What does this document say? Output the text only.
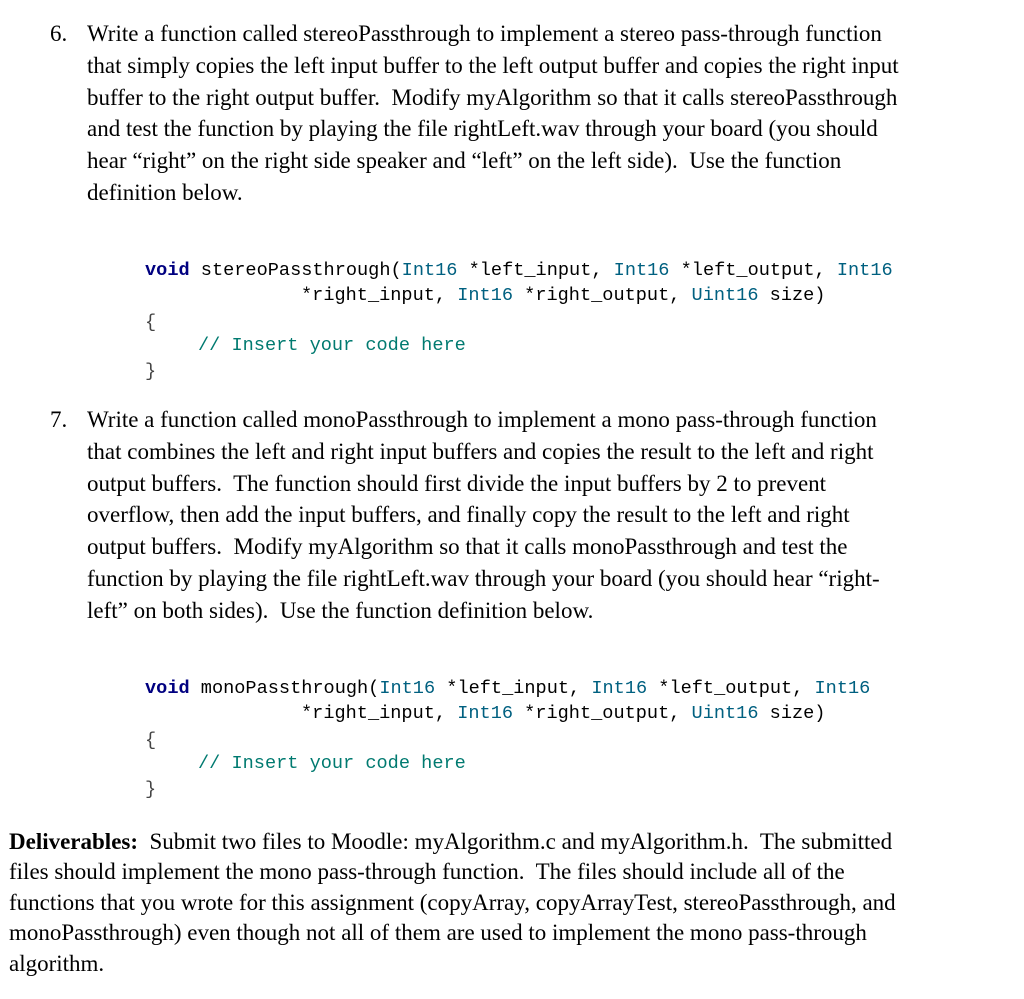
6. Write a function called stereoPassthrough to implement a stereo pass-through function
that simply copies the left input buffer to the left output buffer and copies the right input
buffer to the right output buffer.  Modify myAlgorithm so that it calls stereoPassthrough
and test the function by playing the file rightLeft.wav through your board (you should
hear “right” on the right side speaker and “left” on the left side).  Use the function
definition below.
void stereoPassthrough(Int16 *left_input, Int16 *left_output, Int16
*right_input, Int16 *right_output, Uint16 size)
{
// Insert your code here
}
7. Write a function called monoPassthrough to implement a mono pass-through function
that combines the left and right input buffers and copies the result to the left and right
output buffers.  The function should first divide the input buffers by 2 to prevent
overflow, then add the input buffers, and finally copy the result to the left and right
output buffers.  Modify myAlgorithm so that it calls monoPassthrough and test the
function by playing the file rightLeft.wav through your board (you should hear “right-
left” on both sides).  Use the function definition below.
void monoPassthrough(Int16 *left_input, Int16 *left_output, Int16
*right_input, Int16 *right_output, Uint16 size)
{
// Insert your code here
}
Deliverables:  Submit two files to Moodle: myAlgorithm.c and myAlgorithm.h.  The submitted
files should implement the mono pass-through function.  The files should include all of the
functions that you wrote for this assignment (copyArray, copyArrayTest, stereoPassthrough, and
monoPassthrough) even though not all of them are used to implement the mono pass-through
algorithm.
